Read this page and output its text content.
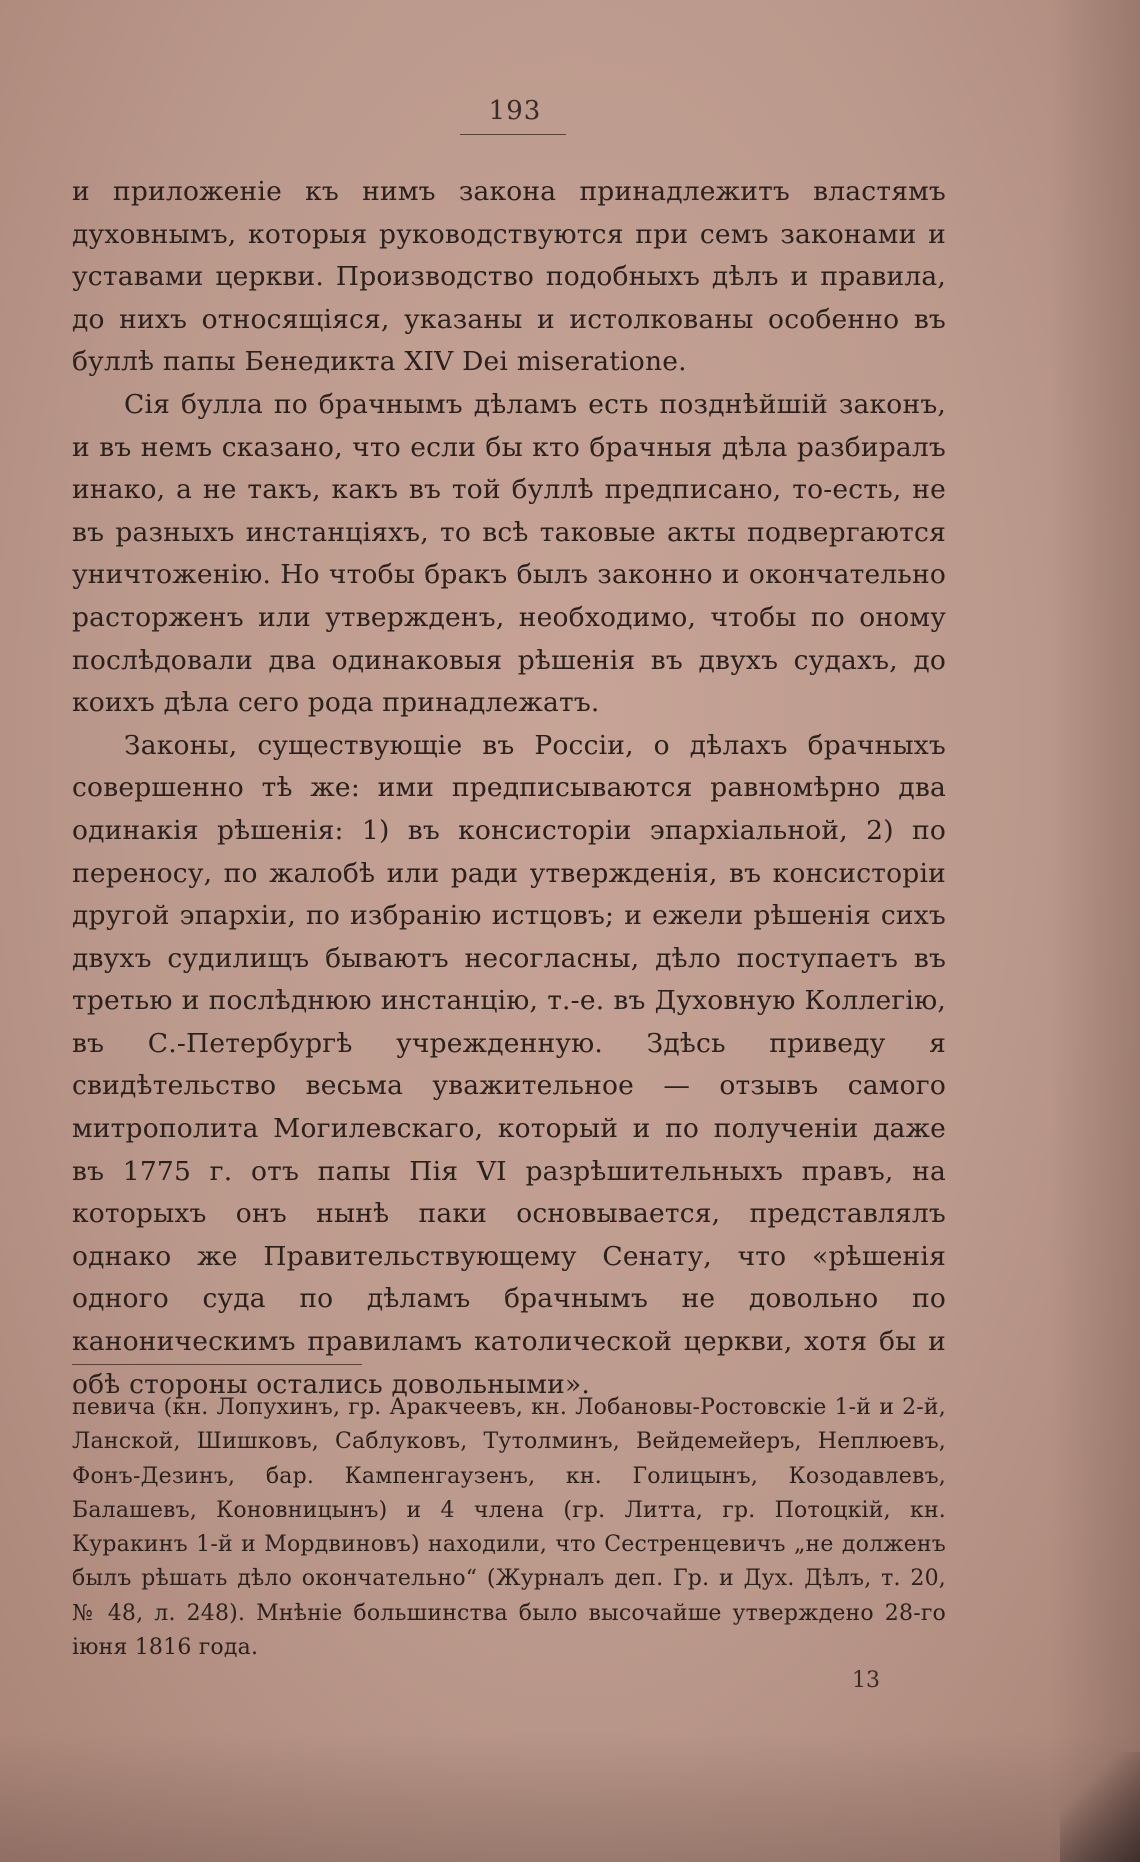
193

и приложеніе къ нимъ закона принадлежитъ властямъ духовнымъ, которыя руководствуются при семъ законами и уставами церкви. Производство подобныхъ дѣлъ и правила, до нихъ относящіяся, указаны и истолкованы особенно въ буллѣ папы Бенедикта XIV Dei miseratione.

Сія булла по брачнымъ дѣламъ есть позднѣйшій законъ, и въ немъ сказано, что если бы кто брачныя дѣла разбиралъ инако, а не такъ, какъ въ той буллѣ предписано, то-есть, не въ разныхъ инстанціяхъ, то всѣ таковые акты подвергаются уничтоженію. Но чтобы бракъ былъ законно и окончательно расторженъ или утвержденъ, необходимо, чтобы по оному послѣдовали два одинаковыя рѣшенія въ двухъ судахъ, до коихъ дѣла сего рода принадлежатъ.

Законы, существующіе въ Россіи, о дѣлахъ брачныхъ совершенно тѣ же: ими предписываются равномѣрно два одинакія рѣшенія: 1) въ консисторіи эпархіальной, 2) по переносу, по жалобѣ или ради утвержденія, въ консисторіи другой эпархіи, по избранію истцовъ; и ежели рѣшенія сихъ двухъ судилищъ бываютъ несогласны, дѣло поступаетъ въ третью и послѣднюю инстанцію, т.-е. въ Духовную Коллегію, въ С.-Петербургѣ учрежденную. Здѣсь приведу я свидѣтельство весьма уважительное — отзывъ самого митрополита Могилевскаго, который и по полученіи даже въ 1775 г. отъ папы Пія VI разрѣшительныхъ правъ, на которыхъ онъ нынѣ паки основывается, представлялъ однако же Правительствующему Сенату, что «рѣшенія одного суда по дѣламъ брачнымъ не довольно по каноническимъ правиламъ католической церкви, хотя бы и обѣ стороны остались довольными».

певича (кн. Лопухинъ, гр. Аракчеевъ, кн. Лобановы-Ростовскіе 1-й и 2-й, Ланской, Шишковъ, Саблуковъ, Тутолминъ, Вейдемейеръ, Неплюевъ, Фонъ-Дезинъ, бар. Кампенгаузенъ, кн. Голицынъ, Козодавлевъ, Балашевъ, Коновницынъ) и 4 члена (гр. Литта, гр. Потоцкій, кн. Куракинъ 1-й и Мордвиновъ) находили, что Сестренцевичъ „не долженъ былъ рѣшать дѣло окончательно“ (Журналъ деп. Гр. и Дух. Дѣлъ, т. 20, № 48, л. 248). Мнѣніе большинства было высочайше утверждено 28-го іюня 1816 года.
13
